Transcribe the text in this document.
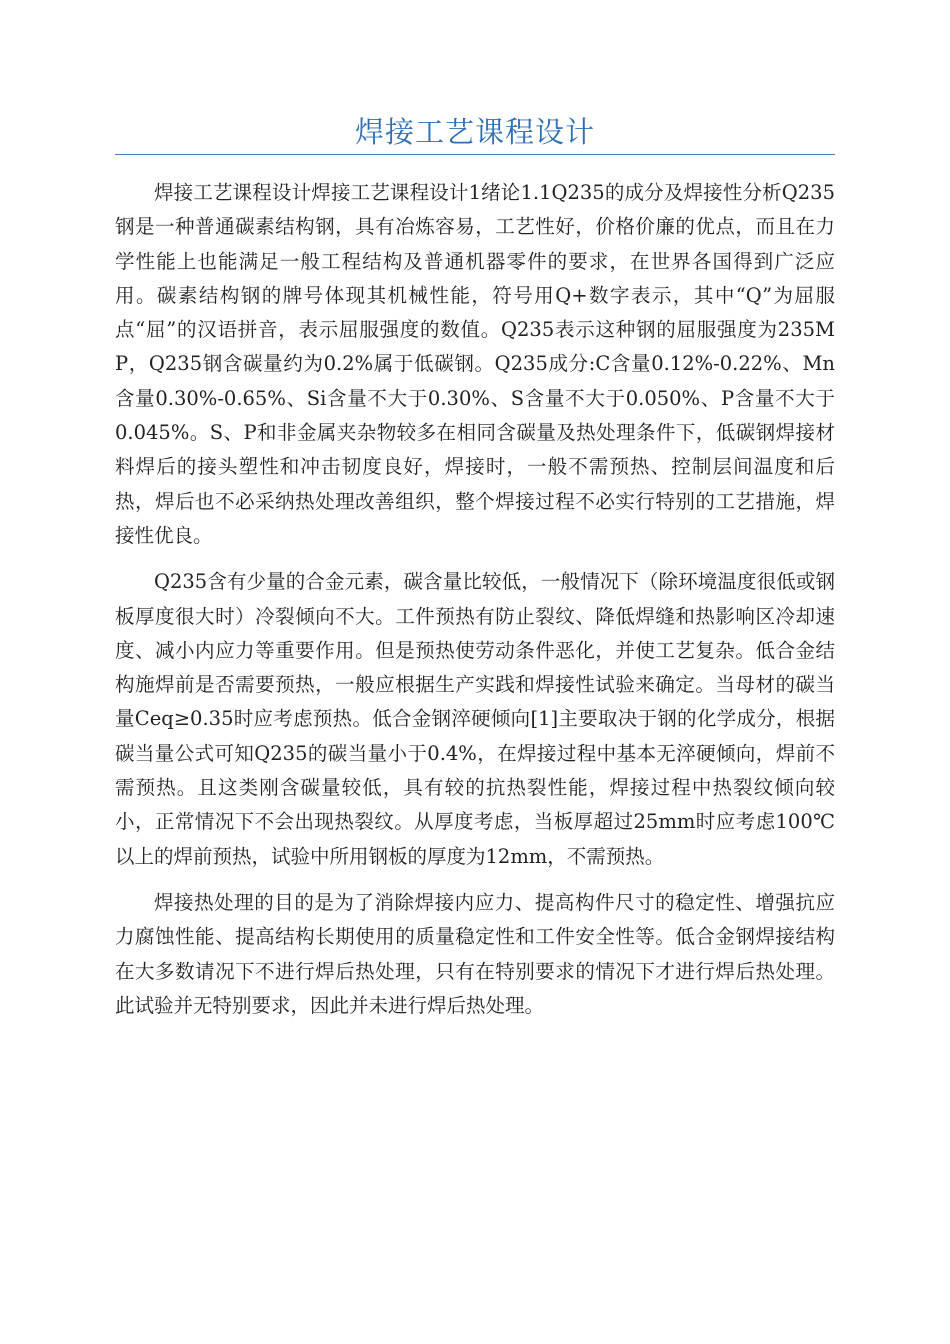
焊接工艺课程设计

焊接工艺课程设计焊接工艺课程设计1绪论1.1Q235的成分及焊接性分析Q235钢是一种普通碳素结构钢，具有冶炼容易，工艺性好，价格价廉的优点，而且在力学性能上也能满足一般工程结构及普通机器零件的要求，在世界各国得到广泛应用。碳素结构钢的牌号体现其机械性能，符号用Q+数字表示，其中“Q”为屈服点“屈”的汉语拼音，表示屈服强度的数值。Q235表示这种钢的屈服强度为235MP，Q235钢含碳量约为0.2%属于低碳钢。Q235成分:C含量0.12%-0.22%、Mn含量0.30%-0.65%、Si含量不大于0.30%、S含量不大于0.050%、P含量不大于0.045%。S、P和非金属夹杂物较多在相同含碳量及热处理条件下，低碳钢焊接材料焊后的接头塑性和冲击韧度良好，焊接时，一般不需预热、控制层间温度和后热，焊后也不必采纳热处理改善组织，整个焊接过程不必实行特别的工艺措施，焊接性优良。

Q235含有少量的合金元素，碳含量比较低，一般情况下（除环境温度很低或钢板厚度很大时）冷裂倾向不大。工件预热有防止裂纹、降低焊缝和热影响区冷却速度、减小内应力等重要作用。但是预热使劳动条件恶化，并使工艺复杂。低合金结构施焊前是否需要预热，一般应根据生产实践和焊接性试验来确定。当母材的碳当量Ceq≥0.35时应考虑预热。低合金钢淬硬倾向[1]主要取决于钢的化学成分，根据碳当量公式可知Q235的碳当量小于0.4%，在焊接过程中基本无淬硬倾向，焊前不需预热。且这类刚含碳量较低，具有较的抗热裂性能，焊接过程中热裂纹倾向较小，正常情况下不会出现热裂纹。从厚度考虑，当板厚超过25mm时应考虑100℃以上的焊前预热，试验中所用钢板的厚度为12mm，不需预热。

焊接热处理的目的是为了消除焊接内应力、提高构件尺寸的稳定性、增强抗应力腐蚀性能、提高结构长期使用的质量稳定性和工件安全性等。低合金钢焊接结构在大多数请况下不进行焊后热处理，只有在特别要求的情况下才进行焊后热处理。此试验并无特别要求，因此并未进行焊后热处理。
